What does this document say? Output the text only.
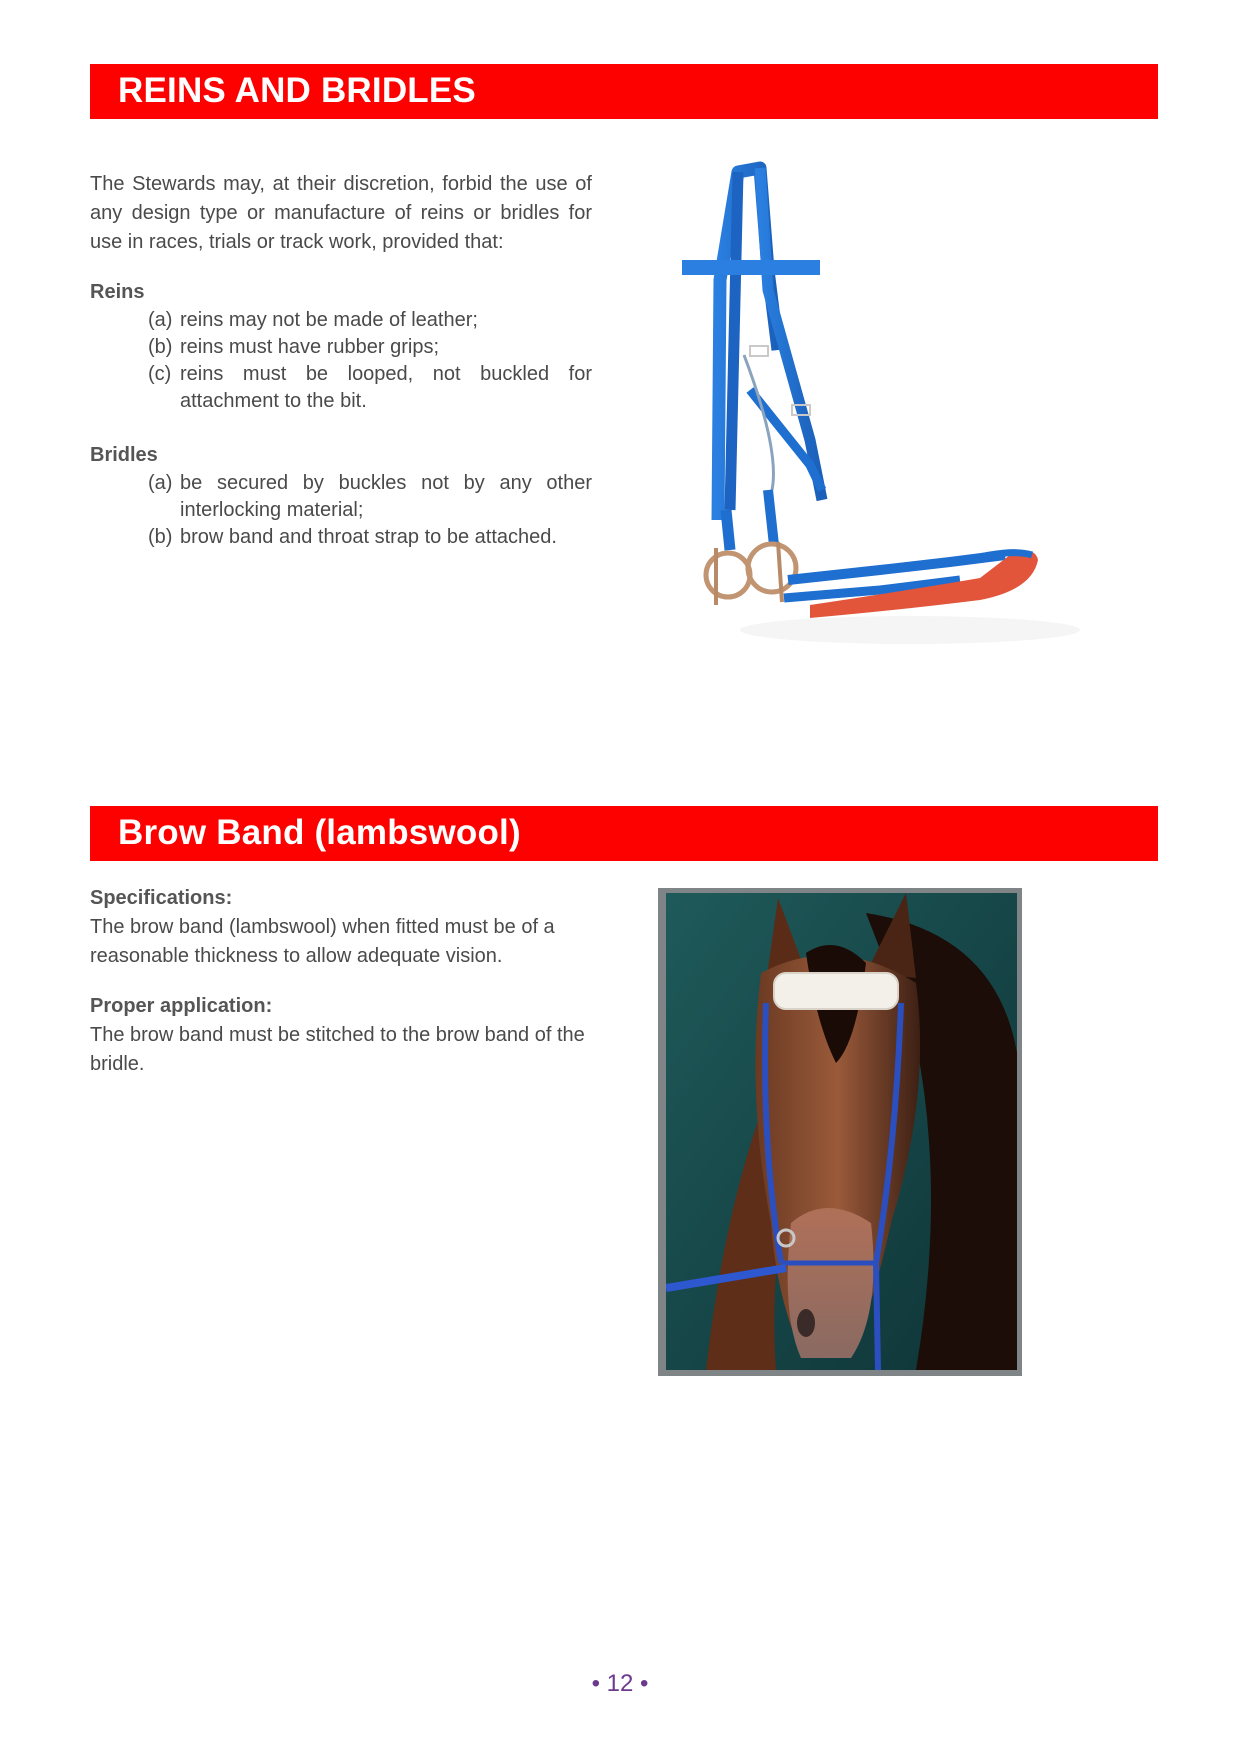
REINS AND BRIDLES
The Stewards may, at their discretion, forbid the use of any design type or manufacture of reins or bridles for use in races, trials or track work, provided that:

Reins

(a) reins may not be made of leather;
(b) reins must have rubber grips;
(c) reins must be looped, not buckled for attachment to the bit.

Bridles

(a) be secured by buckles not by any other interlocking material;
(b) brow band and throat strap to be attached.
Brow Band (lambswool)

Specifications:

The brow band (lambswool) when fitted must be of a reasonable thickness to allow adequate vision.

Proper application:

The brow band must be stitched to the brow band of the bridle.
• 12 •
